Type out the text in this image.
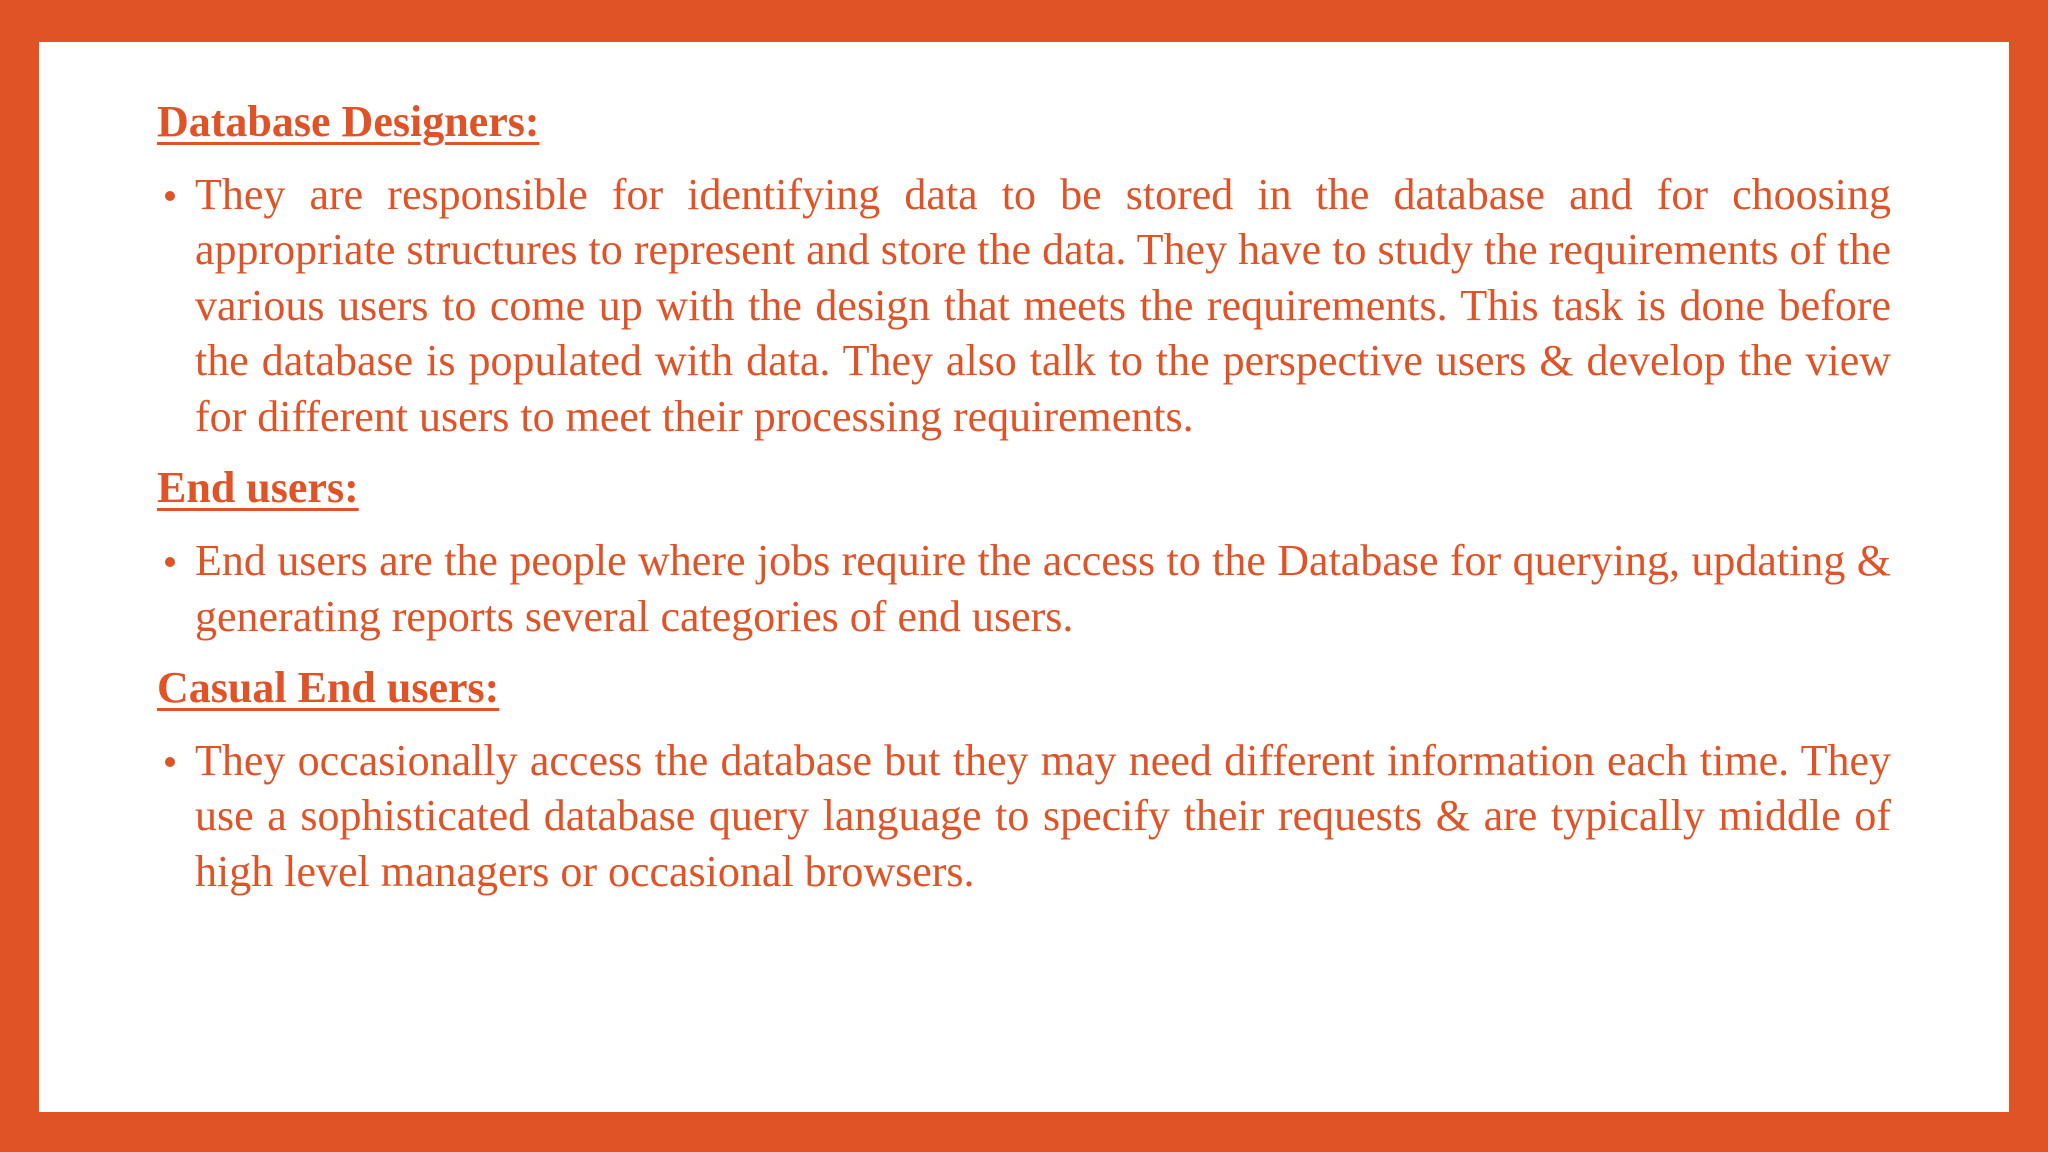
Database Designers:
They are responsible for identifying data to be stored in the database and for choosing appropriate structures to represent and store the data. They have to study the requirements of the various users to come up with the design that meets the requirements. This task is done before the database is populated with data. They also talk to the perspective users & develop the view for different users to meet their processing requirements.
End users:
End users are the people where jobs require the access to the Database for querying, updating & generating reports several categories of end users.
Casual End users:
They occasionally access the database but they may need different information each time. They use a sophisticated database query language to specify their requests & are typically middle of high level managers or occasional browsers.
